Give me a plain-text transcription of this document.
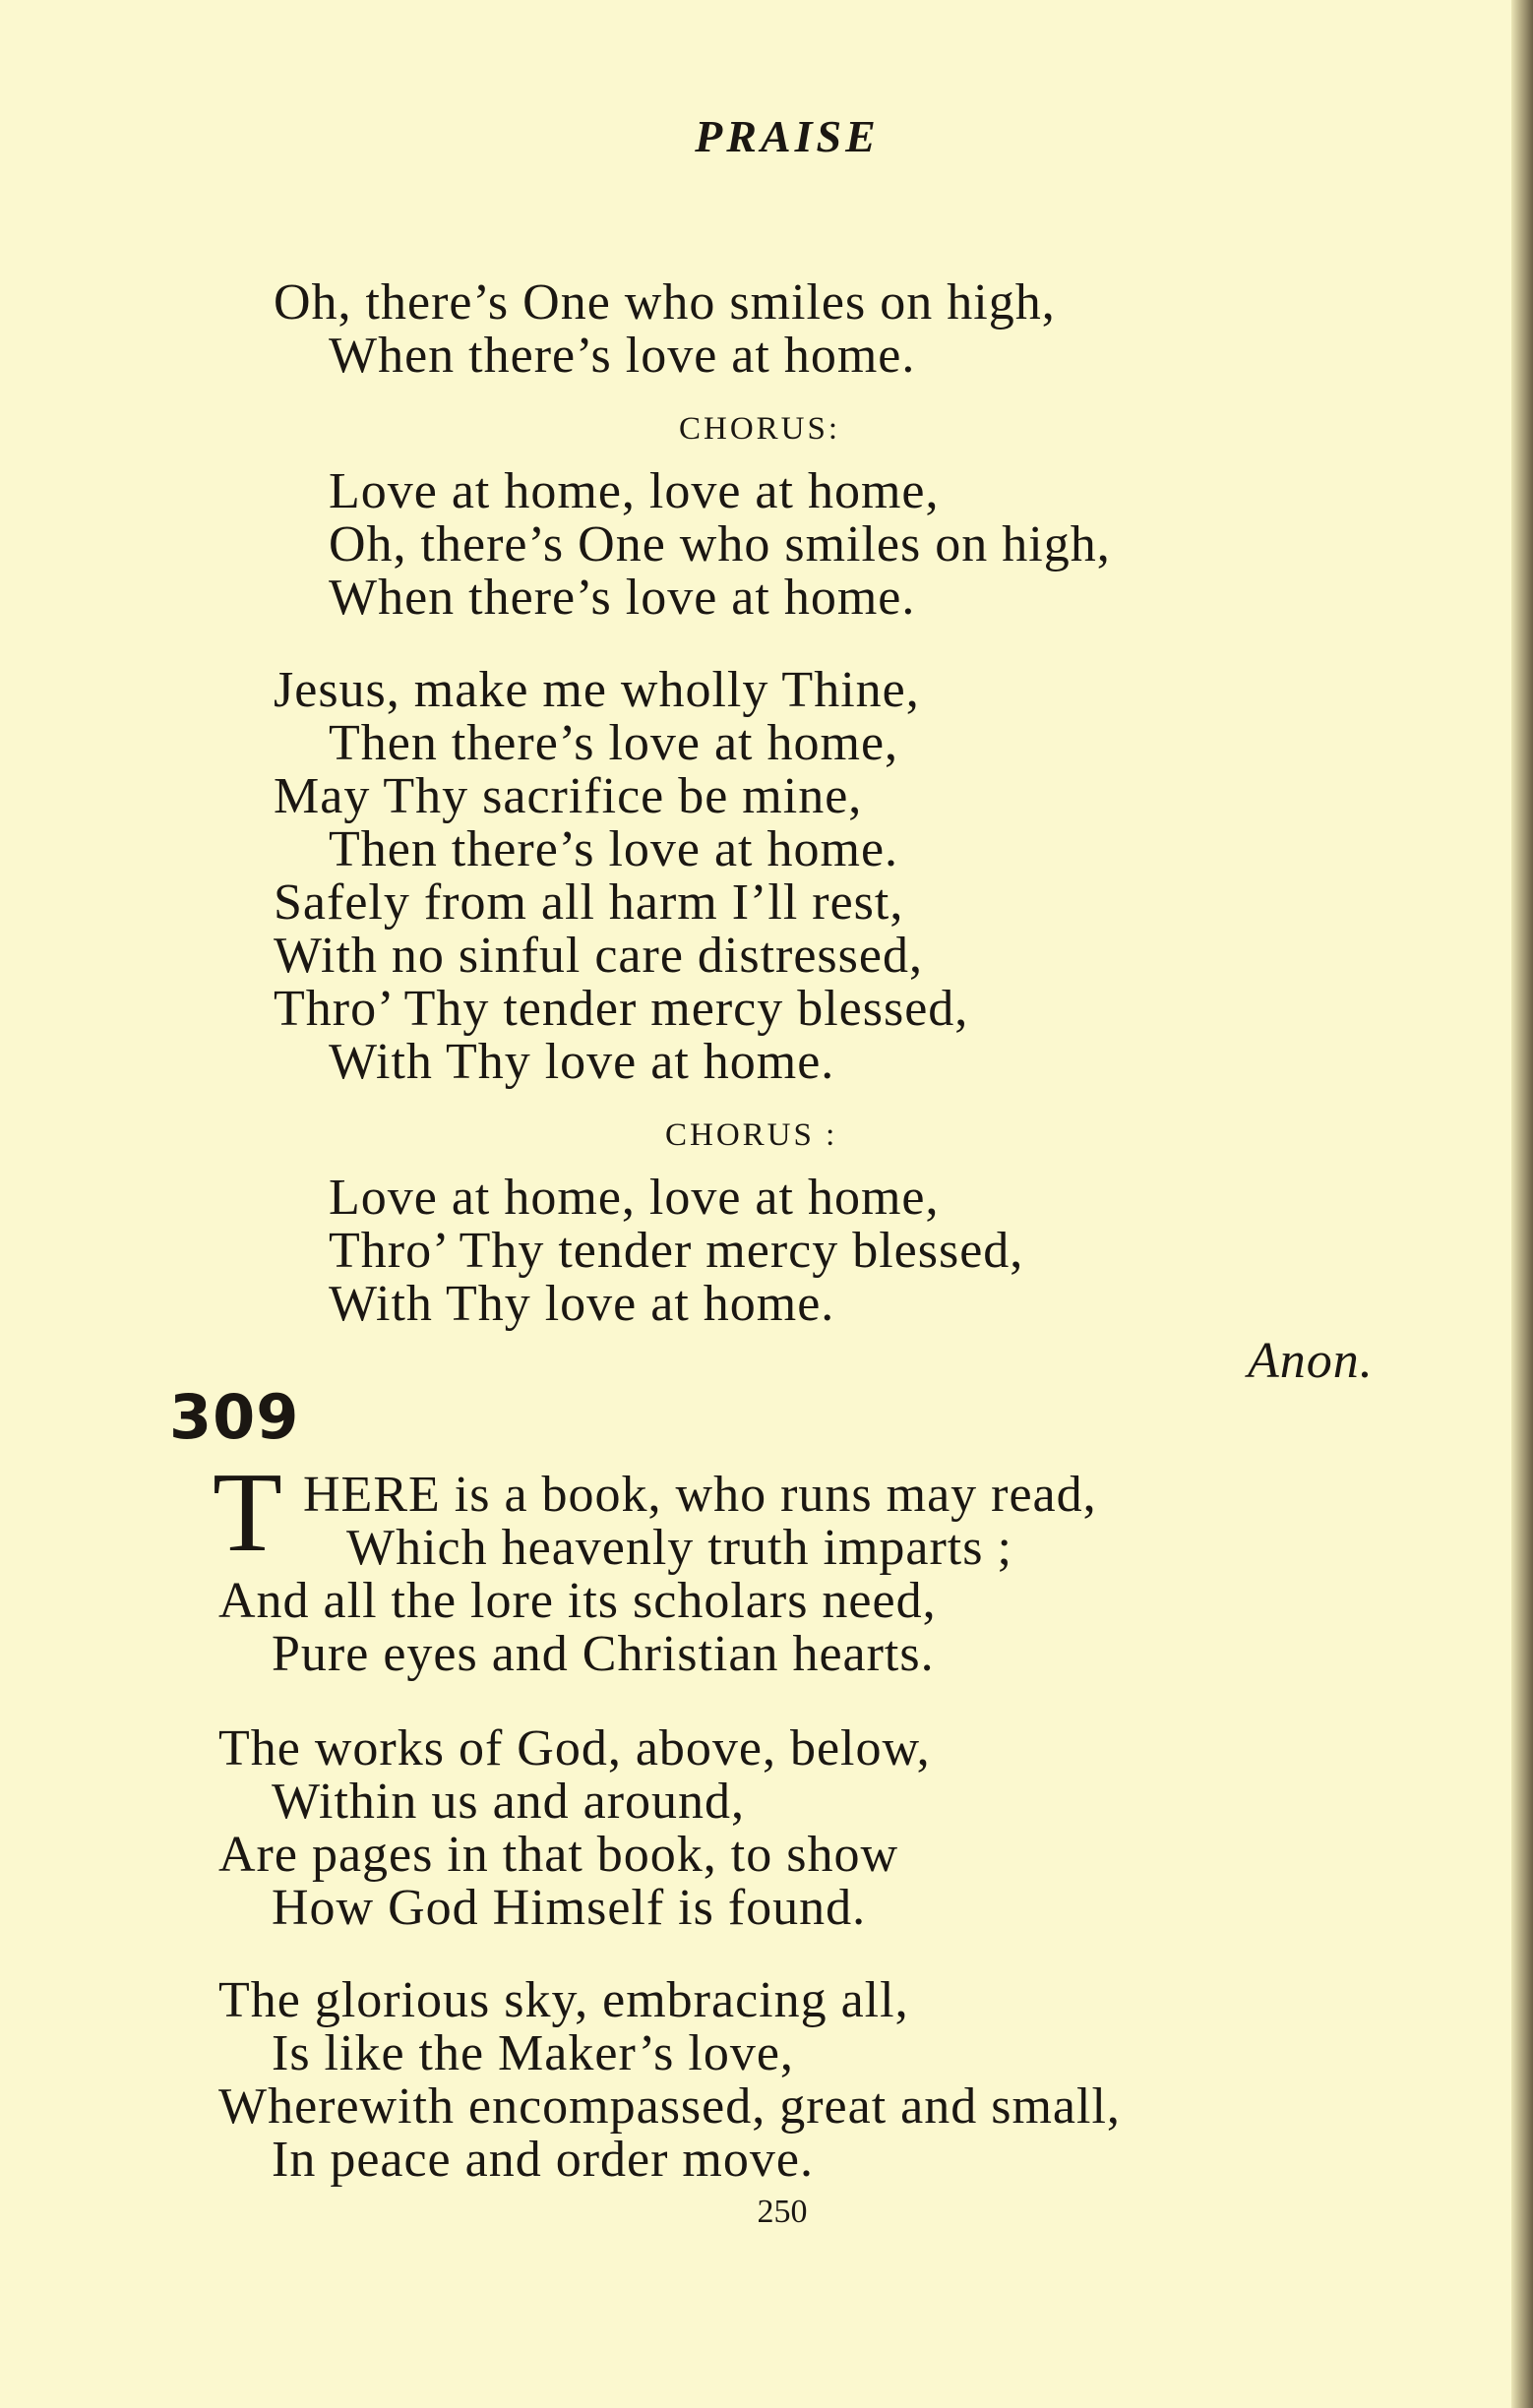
PRAISE
Oh, there’s One who smiles on high,
When there’s love at home.
CHORUS:
Love at home, love at home,
Oh, there’s One who smiles on high,
When there’s love at home.
Jesus, make me wholly Thine,
Then there’s love at home,
May Thy sacrifice be mine,
Then there’s love at home.
Safely from all harm I’ll rest,
With no sinful care distressed,
Thro’ Thy tender mercy blessed,
With Thy love at home.
CHORUS :
Love at home, love at home,
Thro’ Thy tender mercy blessed,
With Thy love at home.
Anon.
309
T HERE is a book, who runs may read,
Which heavenly truth imparts ;
And all the lore its scholars need,
Pure eyes and Christian hearts.
The works of God, above, below,
Within us and around,
Are pages in that book, to show
How God Himself is found.
The glorious sky, embracing all,
Is like the Maker’s love,
Wherewith encompassed, great and small,
In peace and order move.
250
